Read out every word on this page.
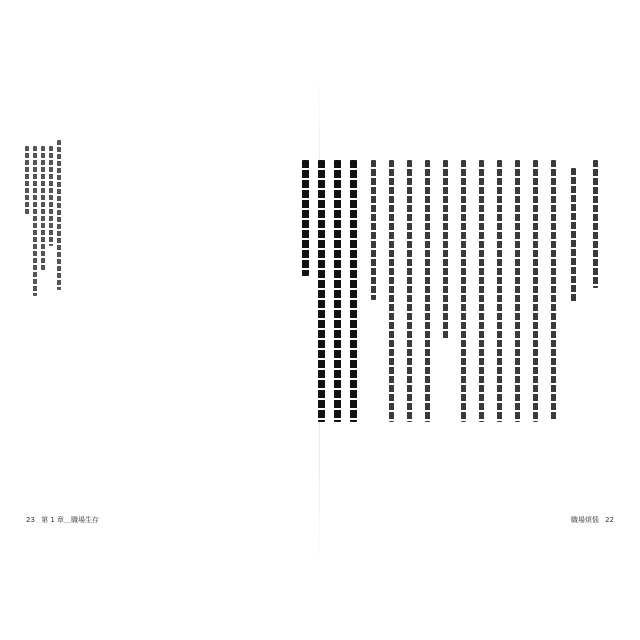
23 第 1 章＿職場生存	職場煩惱 22
